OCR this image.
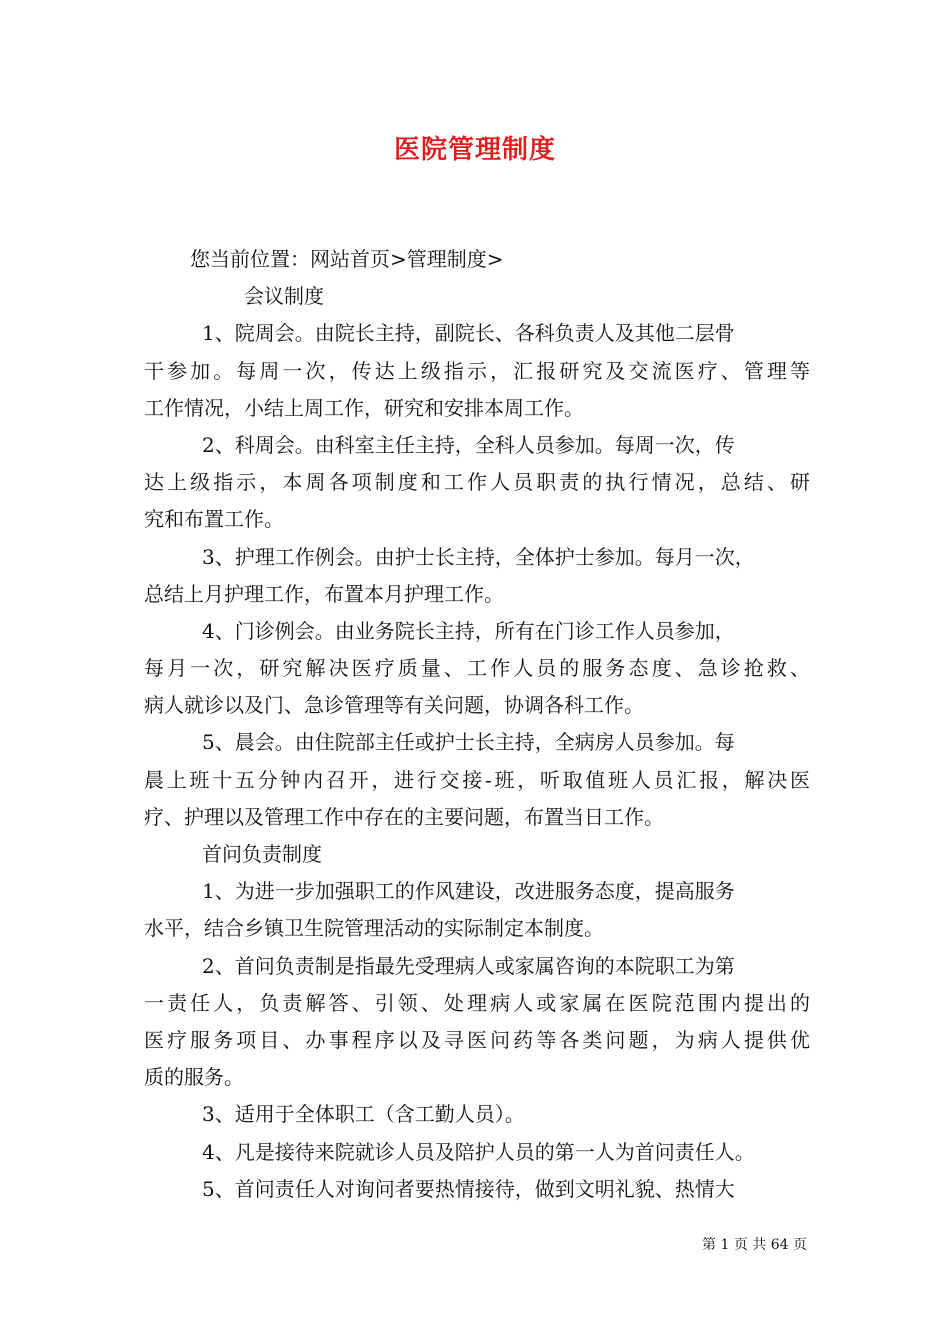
医院管理制度
您当前位置：网站首页>管理制度>
会议制度
1、院周会。由院长主持，副院长、各科负责人及其他二层骨
干参加。每周一次，传达上级指示，汇报研究及交流医疗、管理等
工作情况，小结上周工作，研究和安排本周工作。
2、科周会。由科室主任主持，全科人员参加。每周一次，传
达上级指示，本周各项制度和工作人员职责的执行情况，总结、研
究和布置工作。
3、护理工作例会。由护士长主持，全体护士参加。每月一次，
总结上月护理工作，布置本月护理工作。
4、门诊例会。由业务院长主持，所有在门诊工作人员参加，
每月一次，研究解决医疗质量、工作人员的服务态度、急诊抢救、
病人就诊以及门、急诊管理等有关问题，协调各科工作。
5、晨会。由住院部主任或护士长主持，全病房人员参加。每
晨上班十五分钟内召开，进行交接-班，听取值班人员汇报，解决医
疗、护理以及管理工作中存在的主要问题，布置当日工作。
首问负责制度
1、为进一步加强职工的作风建设，改进服务态度，提高服务
水平，结合乡镇卫生院管理活动的实际制定本制度。
2、首问负责制是指最先受理病人或家属咨询的本院职工为第
一责任人，负责解答、引领、处理病人或家属在医院范围内提出的
医疗服务项目、办事程序以及寻医问药等各类问题，为病人提供优
质的服务。
3、适用于全体职工（含工勤人员）。
4、凡是接待来院就诊人员及陪护人员的第一人为首问责任人。
5、首问责任人对询问者要热情接待，做到文明礼貌、热情大
第 1 页 共 64 页
